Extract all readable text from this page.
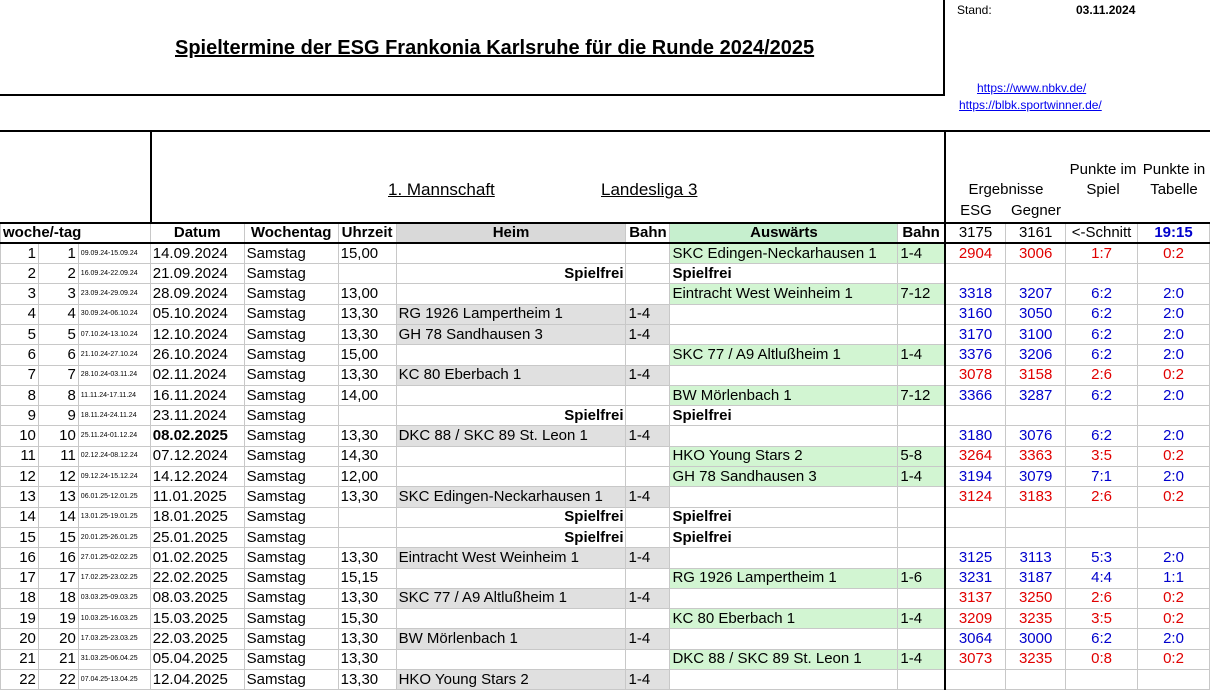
Spieltermine der ESG Frankonia Karlsruhe für die Runde 2024/2025
Stand:	03.11.2024
https://www.nbkv.de/
https://blbk.sportwinner.de/
1. Mannschaft	Landesliga 3	Ergebnisse
Punkte im Spiel
Punkte in Tabelle
ESG	Gegner
woche/-tag			Datum	Wochentag	Uhrzeit	Heim	Bahn	Auswärts	Bahn	3175	3161	<-Schnitt	19:15
1	1	09.09.24-15.09.24	14.09.2024	Samstag	15,00			SKC Edingen-Neckarhausen 1	1-4	2904	3006	1:7	0:2
2	2	16.09.24-22.09.24	21.09.2024	Samstag		Spielfrei		Spielfrei					
3	3	23.09.24-29.09.24	28.09.2024	Samstag	13,00			Eintracht West Weinheim 1	7-12	3318	3207	6:2	2:0
4	4	30.09.24-06.10.24	05.10.2024	Samstag	13,30	RG 1926 Lampertheim 1	1-4			3160	3050	6:2	2:0
5	5	07.10.24-13.10.24	12.10.2024	Samstag	13,30	GH 78 Sandhausen 3	1-4			3170	3100	6:2	2:0
6	6	21.10.24-27.10.24	26.10.2024	Samstag	15,00			SKC 77 / A9 Altlußheim 1	1-4	3376	3206	6:2	2:0
7	7	28.10.24-03.11.24	02.11.2024	Samstag	13,30	KC 80 Eberbach 1	1-4			3078	3158	2:6	0:2
8	8	11.11.24-17.11.24	16.11.2024	Samstag	14,00			BW Mörlenbach 1	7-12	3366	3287	6:2	2:0
9	9	18.11.24-24.11.24	23.11.2024	Samstag		Spielfrei		Spielfrei					
10	10	25.11.24-01.12.24	08.02.2025	Samstag	13,30	DKC 88 / SKC 89 St. Leon 1	1-4			3180	3076	6:2	2:0
11	11	02.12.24-08.12.24	07.12.2024	Samstag	14,30			HKO Young Stars 2	5-8	3264	3363	3:5	0:2
12	12	09.12.24-15.12.24	14.12.2024	Samstag	12,00			GH 78 Sandhausen 3	1-4	3194	3079	7:1	2:0
13	13	06.01.25-12.01.25	11.01.2025	Samstag	13,30	SKC Edingen-Neckarhausen 1	1-4			3124	3183	2:6	0:2
14	14	13.01.25-19.01.25	18.01.2025	Samstag		Spielfrei		Spielfrei					
15	15	20.01.25-26.01.25	25.01.2025	Samstag		Spielfrei		Spielfrei					
16	16	27.01.25-02.02.25	01.02.2025	Samstag	13,30	Eintracht West Weinheim 1	1-4			3125	3113	5:3	2:0
17	17	17.02.25-23.02.25	22.02.2025	Samstag	15,15			RG 1926 Lampertheim 1	1-6	3231	3187	4:4	1:1
18	18	03.03.25-09.03.25	08.03.2025	Samstag	13,30	SKC 77 / A9 Altlußheim 1	1-4			3137	3250	2:6	0:2
19	19	10.03.25-16.03.25	15.03.2025	Samstag	15,30			KC 80 Eberbach 1	1-4	3209	3235	3:5	0:2
20	20	17.03.25-23.03.25	22.03.2025	Samstag	13,30	BW Mörlenbach 1	1-4			3064	3000	6:2	2:0
21	21	31.03.25-06.04.25	05.04.2025	Samstag	13,30			DKC 88 / SKC 89 St. Leon 1	1-4	3073	3235	0:8	0:2
22	22	07.04.25-13.04.25	12.04.2025	Samstag	13,30	HKO Young Stars 2	1-4						
